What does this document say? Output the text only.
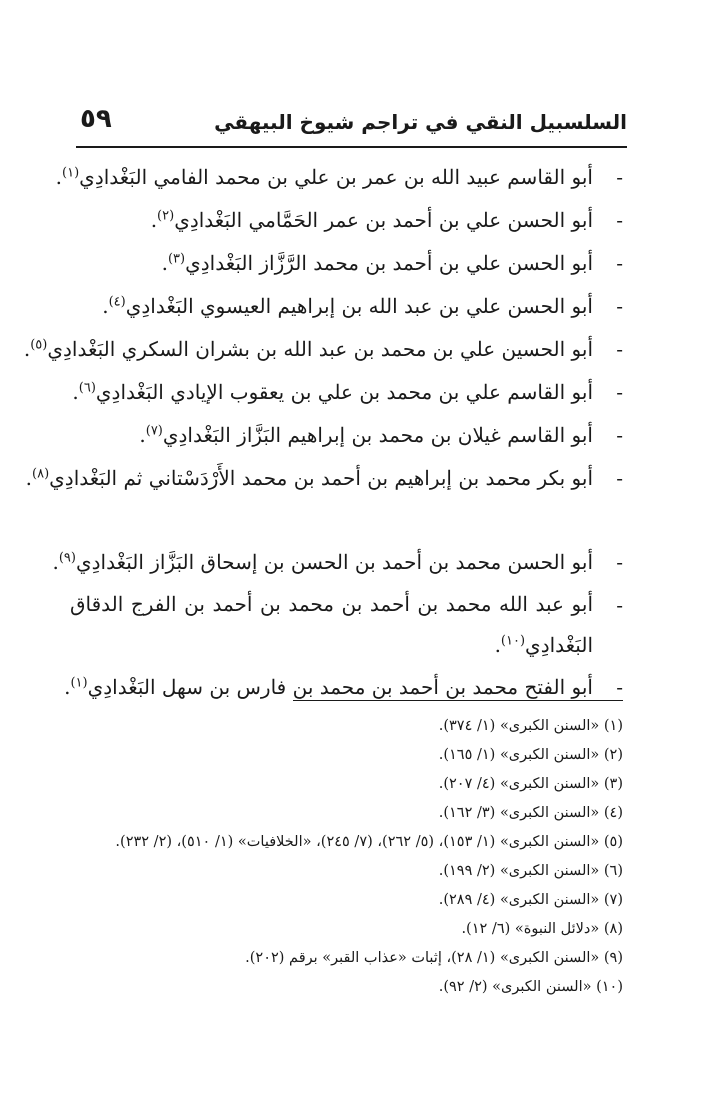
السلسبيل النقي في تراجم شيوخ البيهقي
٥٩
-
أبو القاسم عبيد الله بن عمر بن علي بن محمد الفامي البَغْدادِي$^{(١)}$.
-
أبو الحسن علي بن أحمد بن عمر الحَمَّامي البَغْدادِي$^{(٢)}$.
-
أبو الحسن علي بن أحمد بن محمد الرَّزَّاز البَغْدادِي$^{(٣)}$.
-
أبو الحسن علي بن عبد الله بن إبراهيم العيسوي البَغْدادِي$^{(٤)}$.
-
أبو الحسين علي بن محمد بن عبد الله بن بشران السكري البَغْدادِي$^{(٥)}$.
-
أبو القاسم علي بن محمد بن علي بن يعقوب الإيادي البَغْدادِي$^{(٦)}$.
-
أبو القاسم غيلان بن محمد بن إبراهيم البَزَّاز البَغْدادِي$^{(٧)}$.
-
أبو بكر محمد بن إبراهيم بن أحمد بن محمد الأَرْدَسْتاني ثم البَغْدادِي$^{(٨)}$.
-
أبو الحسن محمد بن أحمد بن الحسن بن إسحاق البَزَّاز البَغْدادِي$^{(٩)}$.
-
أبو عبد الله محمد بن أحمد بن محمد بن أحمد بن الفرج الدقاق البَغْدادِي$^{(١٠)}$.
-
أبو الفتح محمد بن أحمد بن محمد بن فارس بن سهل البَغْدادِي$^{(١)}$.
(١) «السنن الكبرى» (١/ ٣٧٤).
(٢) «السنن الكبرى» (١/ ١٦٥).
(٣) «السنن الكبرى» (٤/ ٢٠٧).
(٤) «السنن الكبرى» (٣/ ١٦٢).
(٥) «السنن الكبرى» (١/ ١٥٣)، (٥/ ٢٦٢)، (٧/ ٢٤٥)، «الخلافيات» (١/ ٥١٠)، (٢/ ٢٣٢).
(٦) «السنن الكبرى» (٢/ ١٩٩).
(٧) «السنن الكبرى» (٤/ ٢٨٩).
(٨) «دلائل النبوة» (٦/ ١٢).
(٩) «السنن الكبرى» (١/ ٢٨)، إثبات «عذاب القبر» برقم (٢٠٢).
(١٠) «السنن الكبرى» (٢/ ٩٢).
